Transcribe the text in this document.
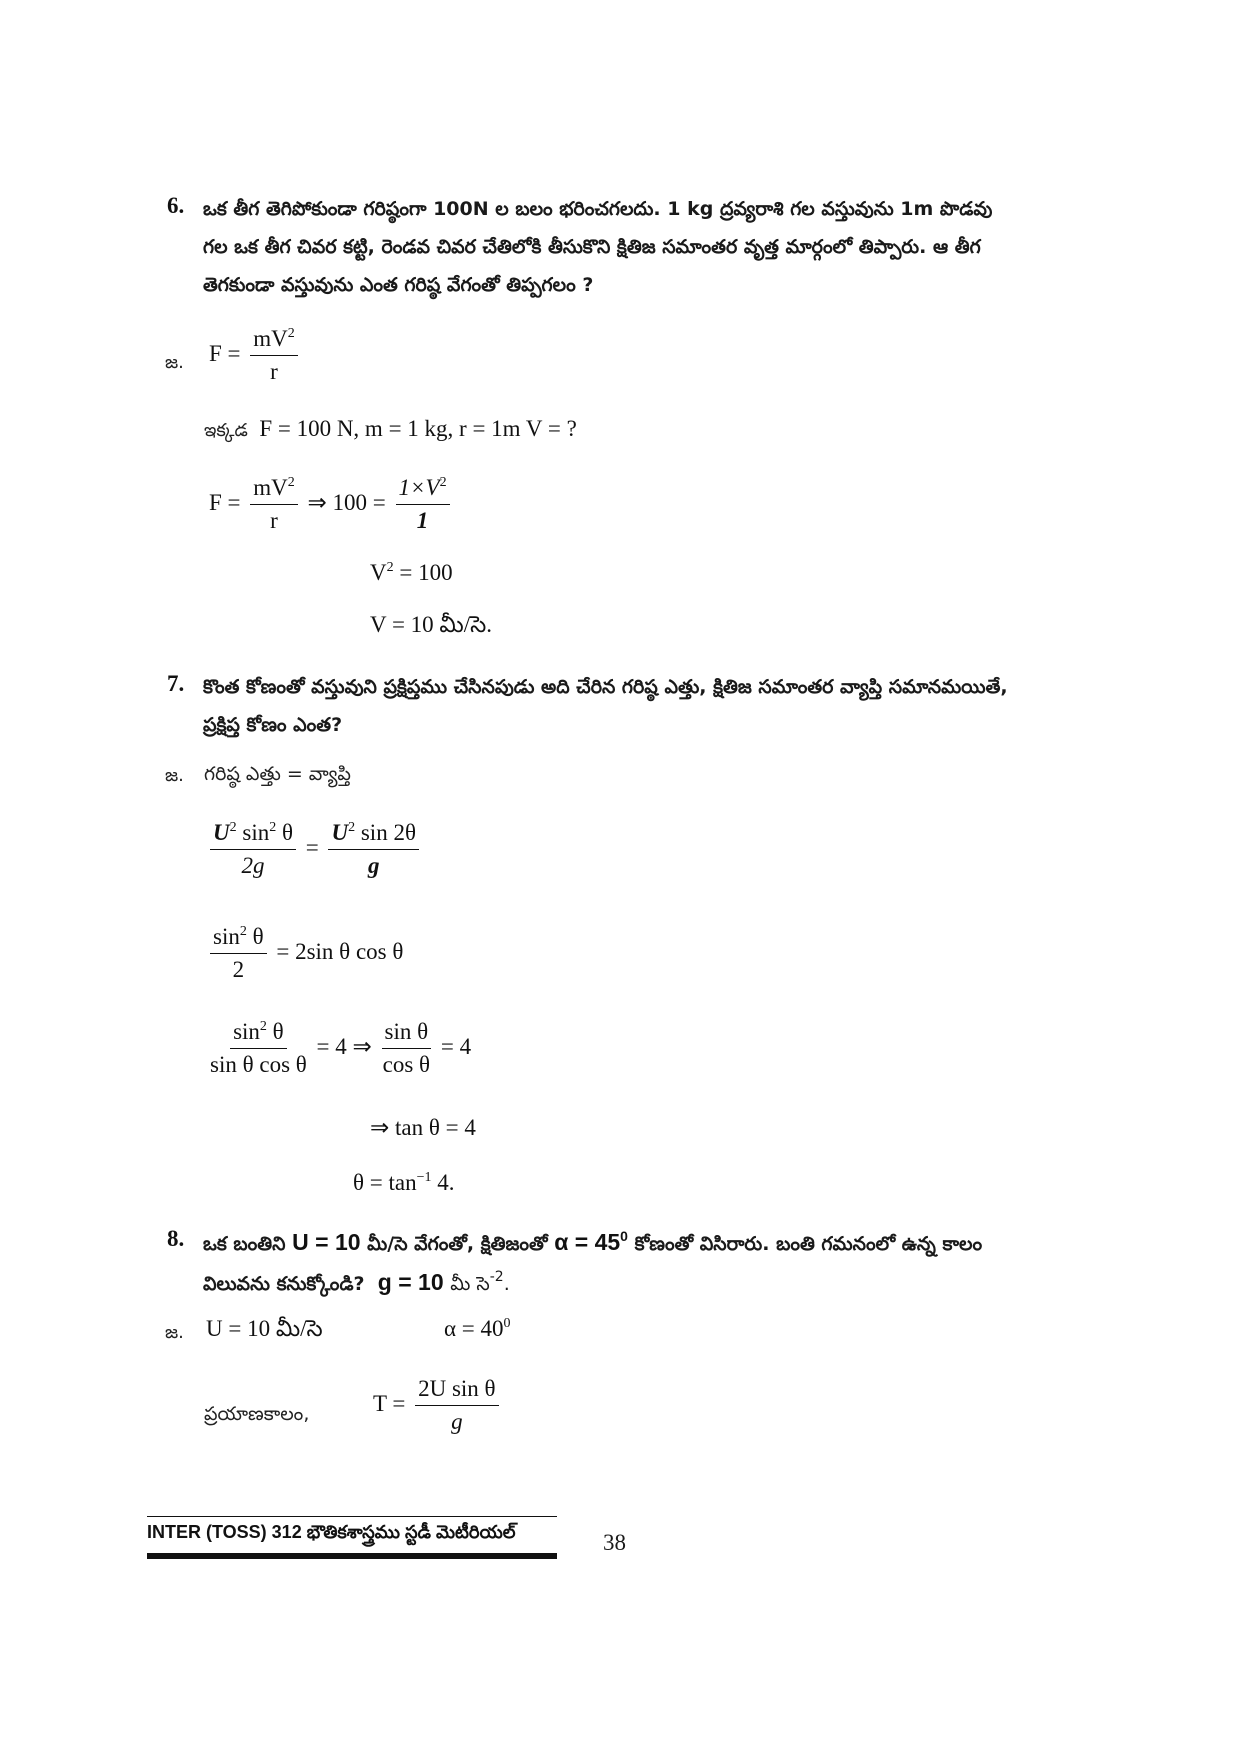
6. ఒక తీగ తెగిపోకుండా గరిష్ఠంగా 100N ల బలం భరించగలదు. 1 kg ద్రవ్యరాశి గల వస్తువును 1m పొడవు
గల ఒక తీగ చివర కట్టి, రెండవ చివర చేతిలోకి తీసుకొని క్షితిజ సమాంతర వృత్త మార్గంలో తిప్పారు. ఆ తీగ
తెగకుండా వస్తువును ఎంత గరిష్ఠ వేగంతో తిప్పగలం ?
జ. $F = \frac{mV^2}{r}$
ఇక్కడ F = 100 N, m = 1 kg, r = 1m V = ?
$F = \frac{mV^2}{r}$ ⇒ $100 = \frac{1\times V^2}{1}$
$V^2 = 100$
V = 10 మీ/సె.
7. కొంత కోణంతో వస్తువుని ప్రక్షిప్తము చేసినపుడు అది చేరిన గరిష్ఠ ఎత్తు, క్షితిజ సమాంతర వ్యాప్తి సమానమయితే,
ప్రక్షిప్త కోణం ఎంత?
జ. గరిష్ఠ ఎత్తు = వ్యాప్తి
$\frac{U^2 \sin^2 \theta}{2g} = \frac{U^2 \sin 2\theta}{g}$
$\frac{\sin^2 \theta}{2} = 2\sin$ θ cos θ
$\frac{\sin^2 \theta}{\text{sin θ cos θ}} = 4$ ⇒ $\frac{\text{sin θ}}{\text{cos θ}} = 4$
⇒ tan θ = 4
$\theta = \tan^{-1} 4$.
8. ఒక బంతిని U = 10 మీ/సె వేగంతో, క్షితిజంతో $\alpha = 45^0$ కోణంతో విసిరారు. బంతి గమనంలో ఉన్న కాలం
విలువను కనుక్కోండి? g = 10 మీ సె$^{-2}$.
జ. U = 10 మీ/సె	$\alpha = 40^0$
ప్రయాణకాలం,	$T = \frac{\text{2U sin θ}}{g}$
INTER (TOSS) 312 భౌతికశాస్త్రము స్టడీ మెటీరియల్	38
